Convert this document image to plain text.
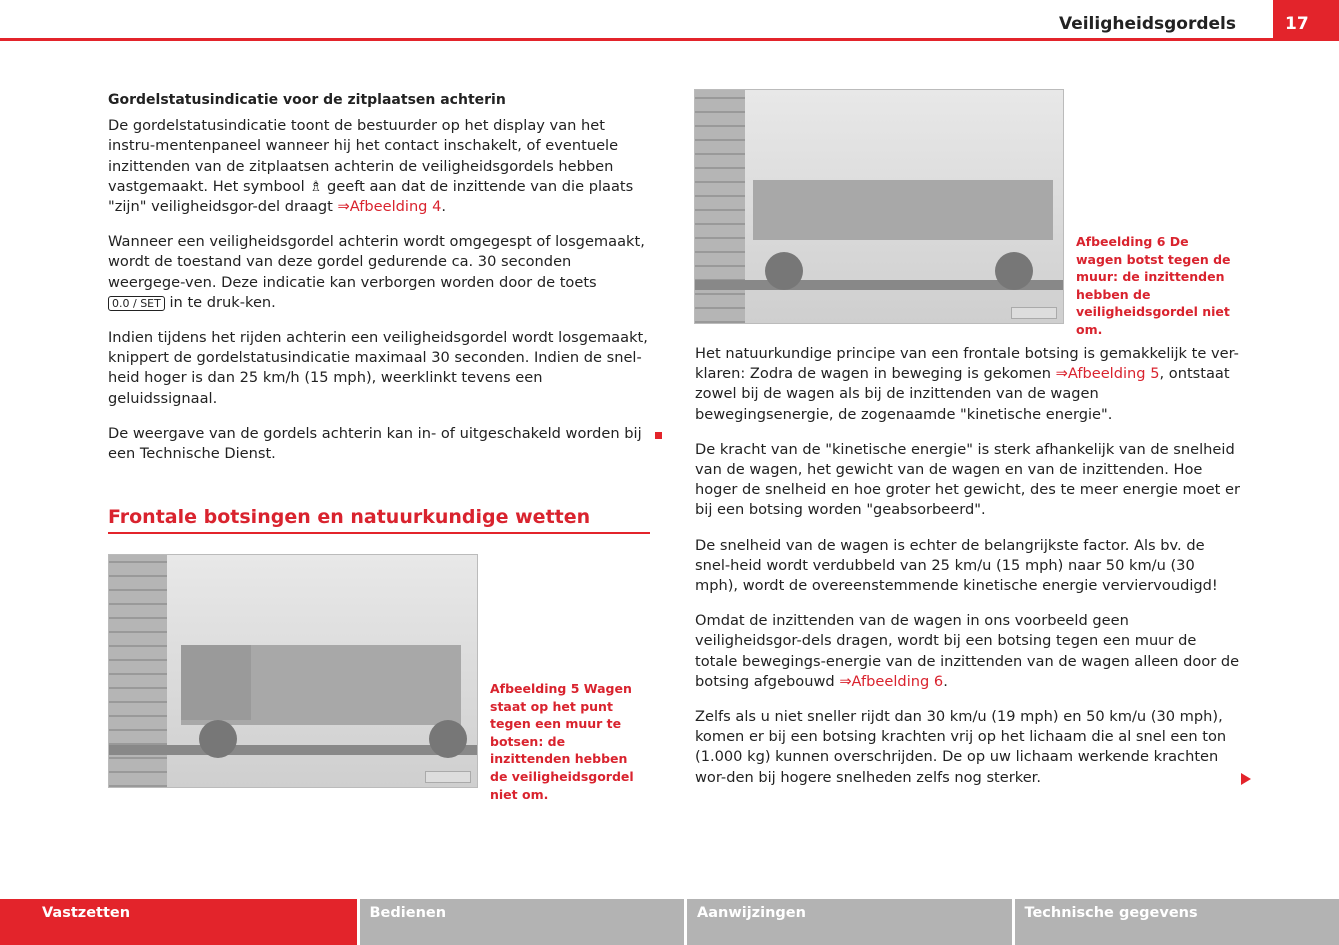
Veiligheidsgordels	17
Gordelstatusindicatie voor de zitplaatsen achterin

De gordelstatusindicatie toont de bestuurder op het display van het instru-mentenpaneel wanneer hij het contact inschakelt, of eventuele inzittenden van de zitplaatsen achterin de veiligheidsgordels hebben vastgemaakt. Het symbool ♗ geeft aan dat de inzittende van die plaats "zijn" veiligheidsgor-del draagt ⇒Afbeelding 4.

Wanneer een veiligheidsgordel achterin wordt omgegespt of losgemaakt, wordt de toestand van deze gordel gedurende ca. 30 seconden weergege-ven. Deze indicatie kan verborgen worden door de toets 0.0 / SET in te druk-ken.

Indien tijdens het rijden achterin een veiligheidsgordel wordt losgemaakt, knippert de gordelstatusindicatie maximaal 30 seconden. Indien de snel-heid hoger is dan 25 km/h (15 mph), weerklinkt tevens een geluidssignaal.

De weergave van de gordels achterin kan in- of uitgeschakeld worden bij een Technische Dienst.

Frontale botsingen en natuurkundige wetten
Afbeelding 5 Wagen staat op het punt tegen een muur te botsen: de inzittenden hebben de veiligheidsgordel niet om.
Afbeelding 6 De wagen botst tegen de muur: de inzittenden hebben de veiligheidsgordel niet om.

Het natuurkundige principe van een frontale botsing is gemakkelijk te ver-klaren: Zodra de wagen in beweging is gekomen ⇒Afbeelding 5, ontstaat zowel bij de wagen als bij de inzittenden van de wagen bewegingsenergie, de zogenaamde "kinetische energie".

De kracht van de "kinetische energie" is sterk afhankelijk van de snelheid van de wagen, het gewicht van de wagen en van de inzittenden. Hoe hoger de snelheid en hoe groter het gewicht, des te meer energie moet er bij een botsing worden "geabsorbeerd".

De snelheid van de wagen is echter de belangrijkste factor. Als bv. de snel-heid wordt verdubbeld van 25 km/u (15 mph) naar 50 km/u (30 mph), wordt de overeenstemmende kinetische energie verviervoudigd!

Omdat de inzittenden van de wagen in ons voorbeeld geen veiligheidsgor-dels dragen, wordt bij een botsing tegen een muur de totale bewegings-energie van de inzittenden van de wagen alleen door de botsing afgebouwd ⇒Afbeelding 6.

Zelfs als u niet sneller rijdt dan 30 km/u (19 mph) en 50 km/u (30 mph), komen er bij een botsing krachten vrij op het lichaam die al snel een ton (1.000 kg) kunnen overschrijden. De op uw lichaam werkende krachten wor-den bij hogere snelheden zelfs nog sterker.

Vastzetten	Bedienen	Aanwijzingen	Technische gegevens
